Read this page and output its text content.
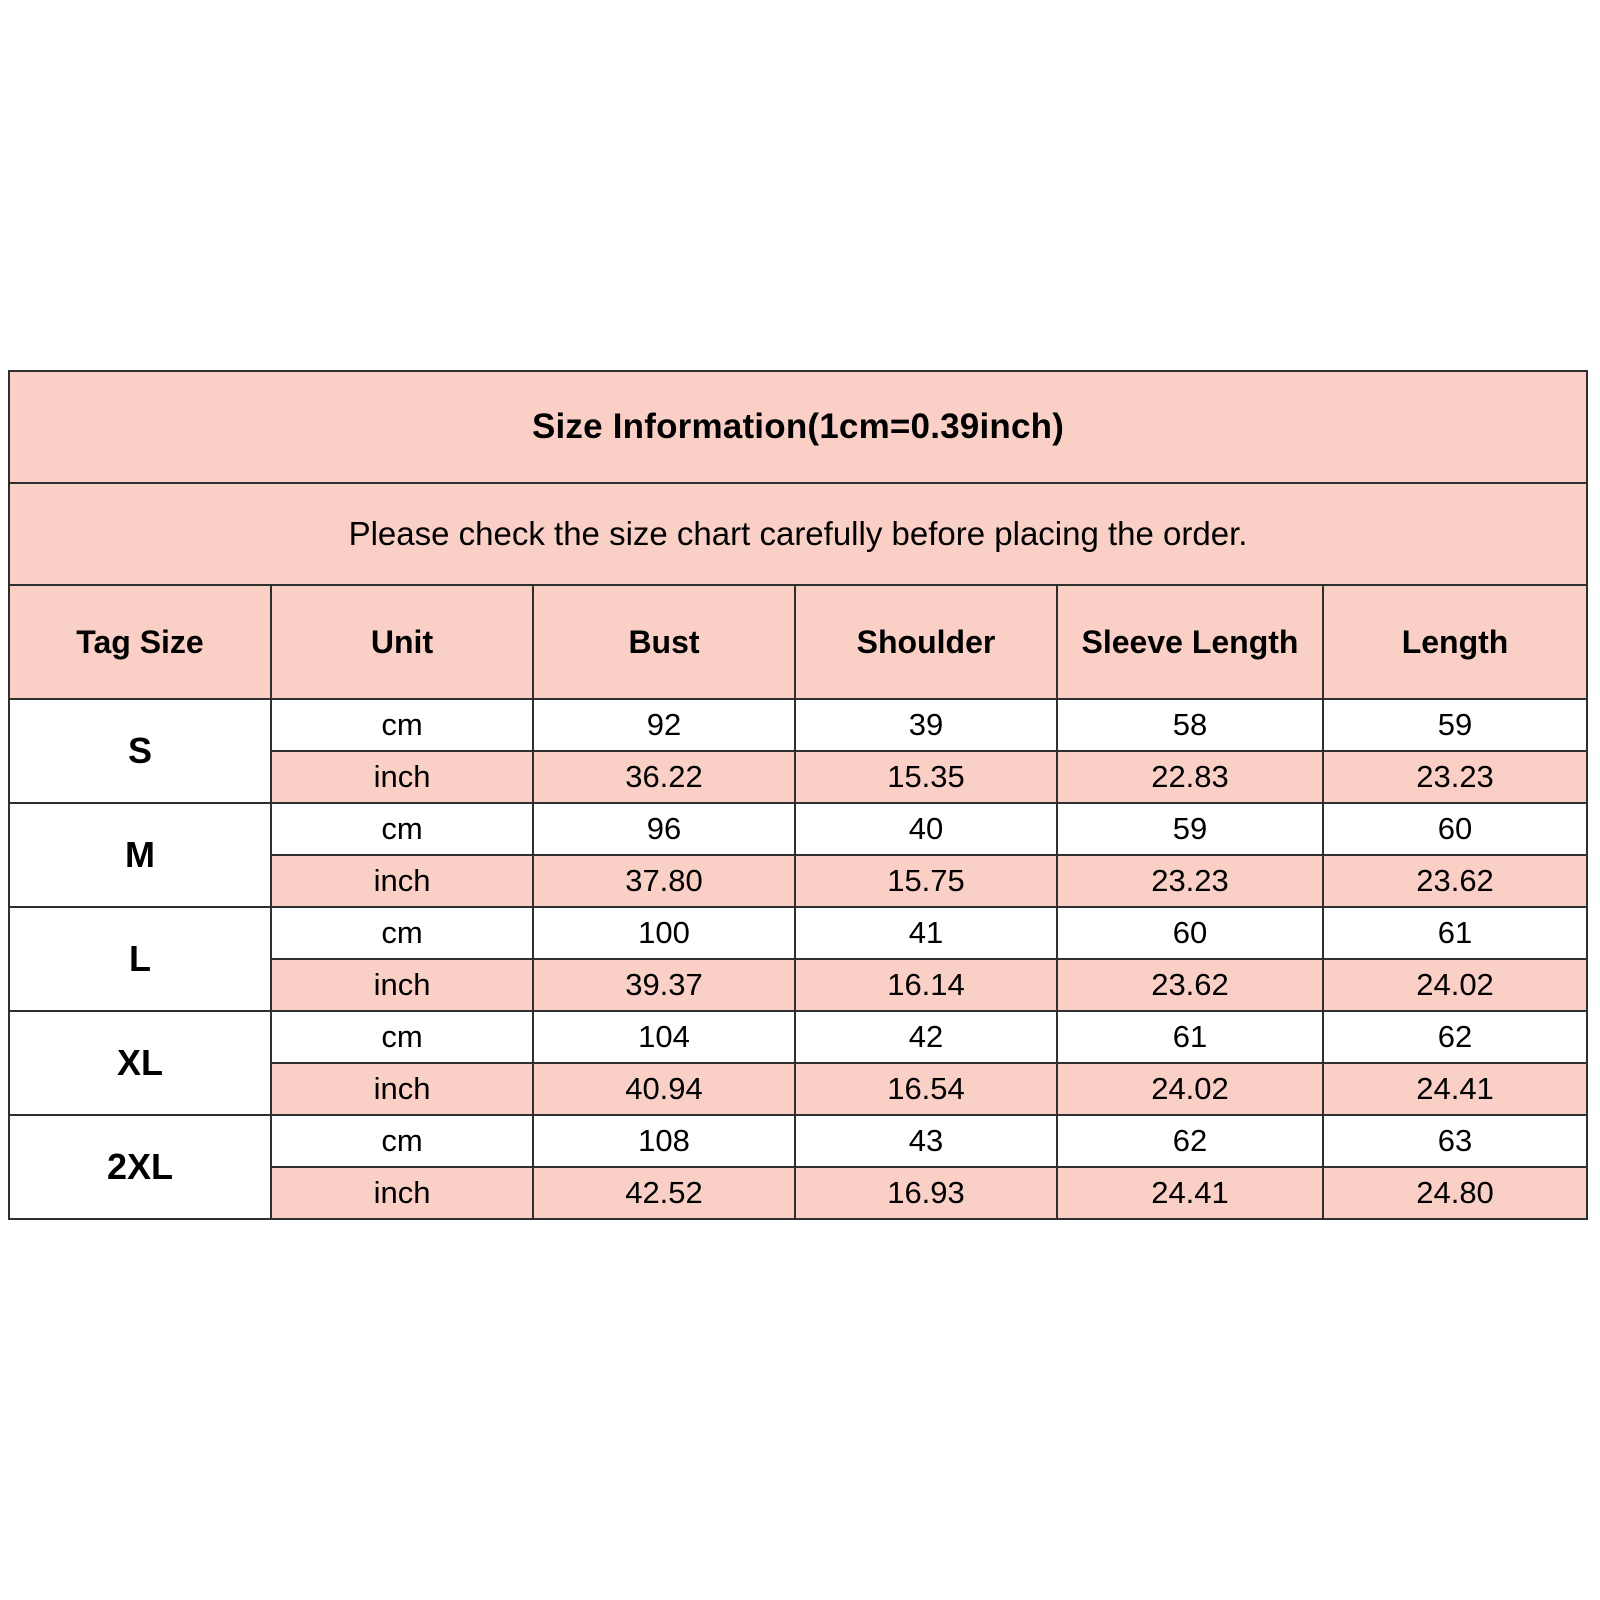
Size Information(1cm=0.39inch)					
Please check the size chart carefully before placing the order.					
Tag Size	Unit	Bust	Shoulder	Sleeve Length	Length
S	cm	92	39	58	59
	inch	36.22	15.35	22.83	23.23
M	cm	96	40	59	60
	inch	37.80	15.75	23.23	23.62
L	cm	100	41	60	61
	inch	39.37	16.14	23.62	24.02
XL	cm	104	42	61	62
	inch	40.94	16.54	24.02	24.41
2XL	cm	108	43	62	63
	inch	42.52	16.93	24.41	24.80
